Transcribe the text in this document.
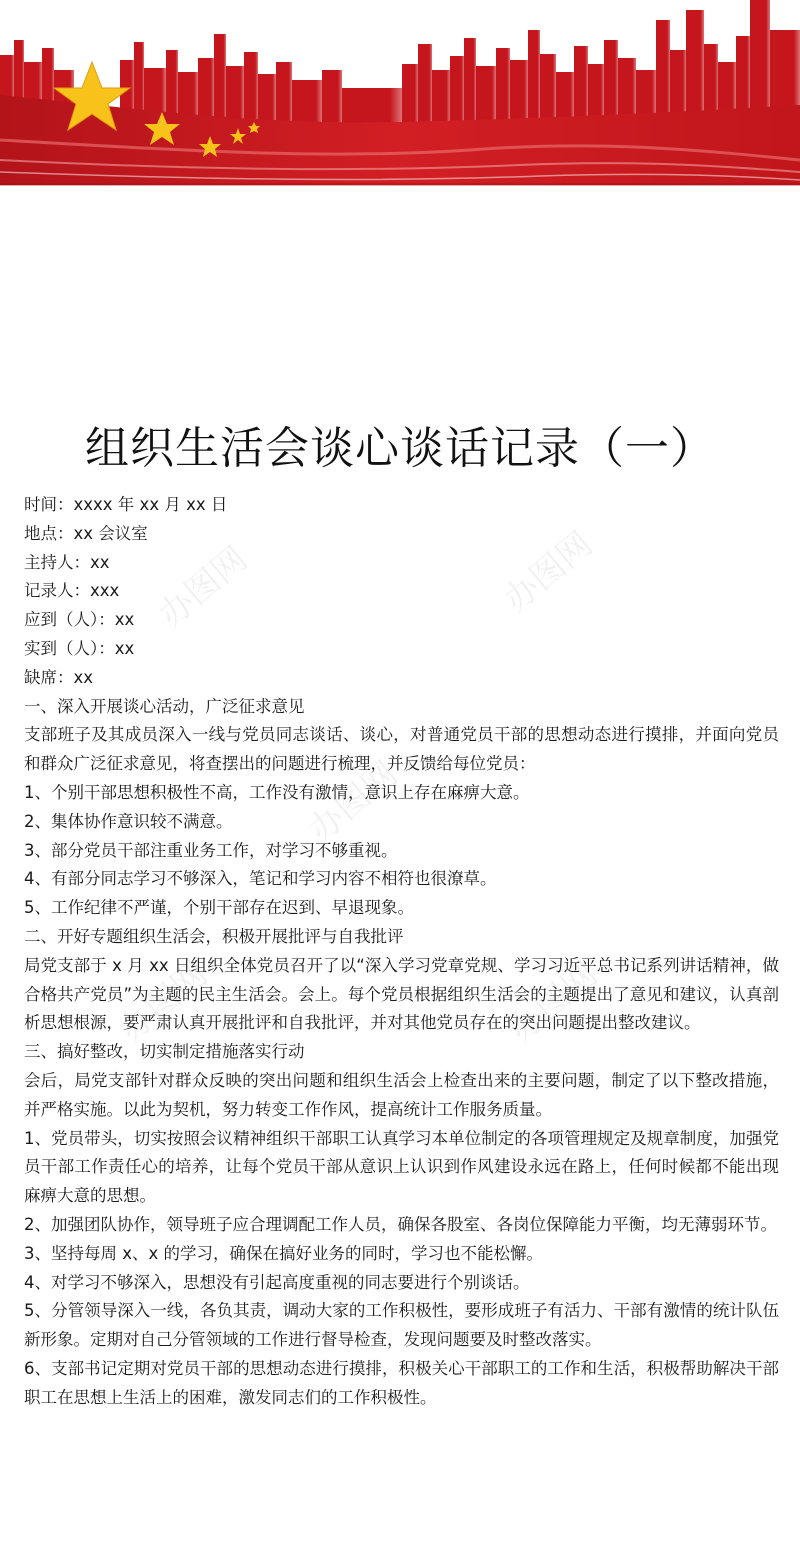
办图网	办图网
办图网
办图网	办图网
组织生活会谈心谈话记录（一）
时间：xxxx 年 xx 月 xx 日
地点：xx 会议室
主持人：xx
记录人：xxx
应到（人）：xx
实到（人）：xx
缺席：xx
一、深入开展谈心活动，广泛征求意见
支部班子及其成员深入一线与党员同志谈话、谈心，对普通党员干部的思想动态进行摸排，并面向党员和群众广泛征求意见，将查摆出的问题进行梳理，并反馈给每位党员：
1、个别干部思想积极性不高，工作没有激情，意识上存在麻痹大意。
2、集体协作意识较不满意。
3、部分党员干部注重业务工作，对学习不够重视。
4、有部分同志学习不够深入，笔记和学习内容不相符也很潦草。
5、工作纪律不严谨，个别干部存在迟到、早退现象。
二、开好专题组织生活会，积极开展批评与自我批评
局党支部于 x 月 xx 日组织全体党员召开了以“深入学习党章党规、学习习近平总书记系列讲话精神，做合格共产党员”为主题的民主生活会。会上。每个党员根据组织生活会的主题提出了意见和建议，认真剖析思想根源，要严肃认真开展批评和自我批评，并对其他党员存在的突出问题提出整改建议。
三、搞好整改，切实制定措施落实行动
会后，局党支部针对群众反映的突出问题和组织生活会上检查出来的主要问题，制定了以下整改措施，并严格实施。以此为契机，努力转变工作作风，提高统计工作服务质量。
1、党员带头，切实按照会议精神组织干部职工认真学习本单位制定的各项管理规定及规章制度，加强党员干部工作责任心的培养，让每个党员干部从意识上认识到作风建设永远在路上，任何时候都不能出现麻痹大意的思想。
2、加强团队协作，领导班子应合理调配工作人员，确保各股室、各岗位保障能力平衡，均无薄弱环节。
3、坚持每周 x、x 的学习，确保在搞好业务的同时，学习也不能松懈。
4、对学习不够深入，思想没有引起高度重视的同志要进行个别谈话。
5、分管领导深入一线，各负其责，调动大家的工作积极性，要形成班子有活力、干部有激情的统计队伍新形象。定期对自己分管领域的工作进行督导检查，发现问题要及时整改落实。
6、支部书记定期对党员干部的思想动态进行摸排，积极关心干部职工的工作和生活，积极帮助解决干部职工在思想上生活上的困难，激发同志们的工作积极性。
